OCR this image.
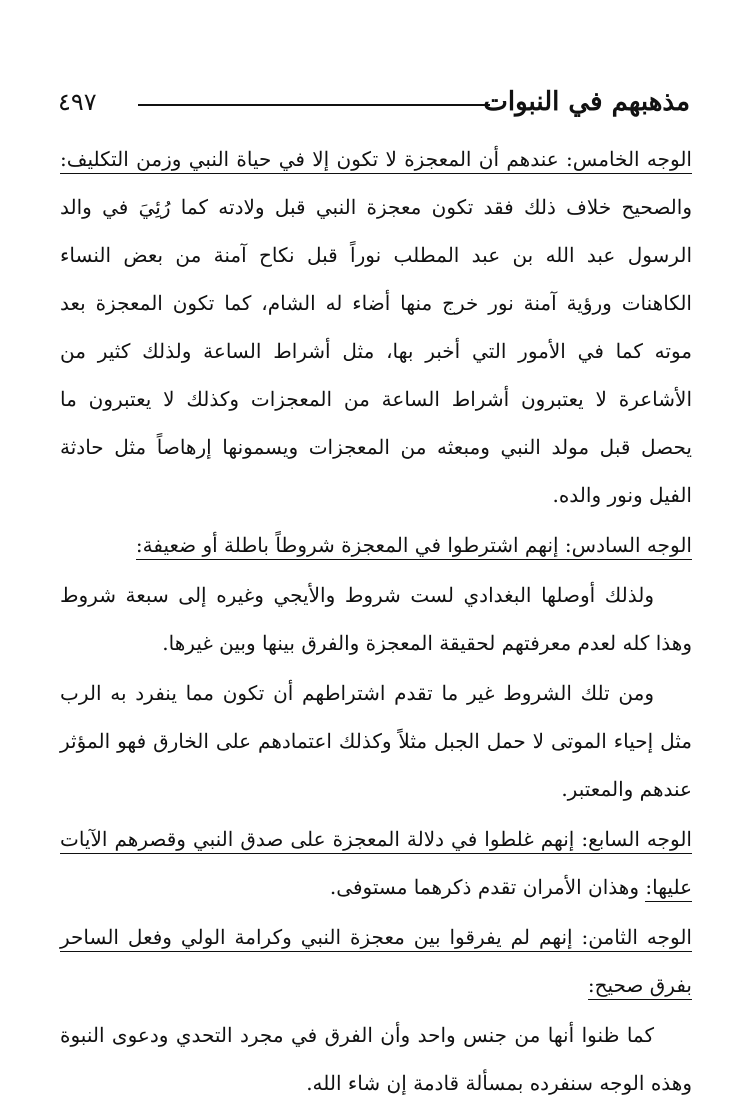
مذهبهم في النبوات
٤٩٧

الوجه الخامس: عندهم أن المعجزة لا تكون إلا في حياة النبي وزمن التكليف: والصحيح خلاف ذلك فقد تكون معجزة النبي قبل ولادته كما رُئِيَ في والد الرسول عبد الله بن عبد المطلب نوراً قبل نكاح آمنة من بعض النساء الكاهنات ورؤية آمنة نور خرج منها أضاء له الشام، كما تكون المعجزة بعد موته كما في الأمور التي أخبر بها، مثل أشراط الساعة ولذلك كثير من الأشاعرة لا يعتبرون أشراط الساعة من المعجزات وكذلك لا يعتبرون ما يحصل قبل مولد النبي ومبعثه من المعجزات ويسمونها إرهاصاً مثل حادثة الفيل ونور والده.

الوجه السادس: إنهم اشترطوا في المعجزة شروطاً باطلة أو ضعيفة:

ولذلك أوصلها البغدادي لست شروط والأيجي وغيره إلى سبعة شروط وهذا كله لعدم معرفتهم لحقيقة المعجزة والفرق بينها وبين غيرها.

ومن تلك الشروط غير ما تقدم اشتراطهم أن تكون مما ينفرد به الرب مثل إحياء الموتى لا حمل الجبل مثلاً وكذلك اعتمادهم على الخارق فهو المؤثر عندهم والمعتبر.

الوجه السابع: إنهم غلطوا في دلالة المعجزة على صدق النبي وقصرهم الآيات عليها: وهذان الأمران تقدم ذكرهما مستوفى.

الوجه الثامن: إنهم لم يفرقوا بين معجزة النبي وكرامة الولي وفعل الساحر بفرق صحيح:

كما ظنوا أنها من جنس واحد وأن الفرق في مجرد التحدي ودعوى النبوة وهذه الوجه سنفرده بمسألة قادمة إن شاء الله.
